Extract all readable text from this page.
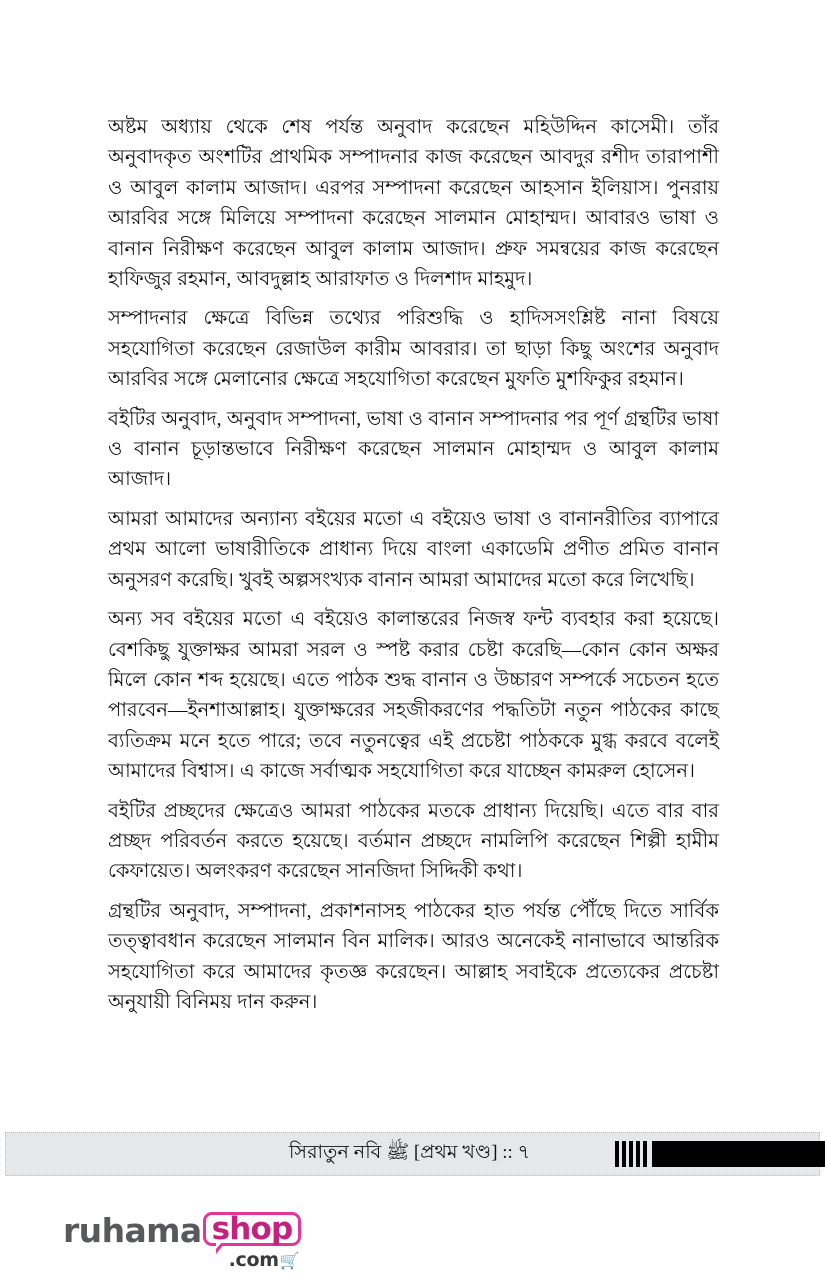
অষ্টম অধ্যায় থেকে শেষ পর্যন্ত অনুবাদ করেছেন মহিউদ্দিন কাসেমী। তাঁর অনুবাদকৃত অংশটির প্রাথমিক সম্পাদনার কাজ করেছেন আবদুর রশীদ তারাপাশী ও আবুল কালাম আজাদ। এরপর সম্পাদনা করেছেন আহসান ইলিয়াস। পুনরায় আরবির সঙ্গে মিলিয়ে সম্পাদনা করেছেন সালমান মোহাম্মদ। আবারও ভাষা ও বানান নিরীক্ষণ করেছেন আবুল কালাম আজাদ। প্রুফ সমন্বয়ের কাজ করেছেন হাফিজুর রহমান, আবদুল্লাহ আরাফাত ও দিলশাদ মাহমুদ।

সম্পাদনার ক্ষেত্রে বিভিন্ন তথ্যের পরিশুদ্ধি ও হাদিসসংশ্লিষ্ট নানা বিষয়ে সহযোগিতা করেছেন রেজাউল কারীম আবরার। তা ছাড়া কিছু অংশের অনুবাদ আরবির সঙ্গে মেলানোর ক্ষেত্রে সহযোগিতা করেছেন মুফতি মুশফিকুর রহমান।

বইটির অনুবাদ, অনুবাদ সম্পাদনা, ভাষা ও বানান সম্পাদনার পর পূর্ণ গ্রন্থটির ভাষা ও বানান চূড়ান্তভাবে নিরীক্ষণ করেছেন সালমান মোহাম্মদ ও আবুল কালাম আজাদ।

আমরা আমাদের অন্যান্য বইয়ের মতো এ বইয়েও ভাষা ও বানানরীতির ব্যাপারে প্রথম আলো ভাষারীতিকে প্রাধান্য দিয়ে বাংলা একাডেমি প্রণীত প্রমিত বানান অনুসরণ করেছি। খুবই অল্পসংখ্যক বানান আমরা আমাদের মতো করে লিখেছি।

অন্য সব বইয়ের মতো এ বইয়েও কালান্তরের নিজস্ব ফন্ট ব্যবহার করা হয়েছে। বেশকিছু যুক্তাক্ষর আমরা সরল ও স্পষ্ট করার চেষ্টা করেছি—কোন কোন অক্ষর মিলে কোন শব্দ হয়েছে। এতে পাঠক শুদ্ধ বানান ও উচ্চারণ সম্পর্কে সচেতন হতে পারবেন—ইনশাআল্লাহ। যুক্তাক্ষরের সহজীকরণের পদ্ধতিটা নতুন পাঠকের কাছে ব্যতিক্রম মনে হতে পারে; তবে নতুনত্বের এই প্রচেষ্টা পাঠককে মুগ্ধ করবে বলেই আমাদের বিশ্বাস। এ কাজে সর্বাত্মক সহযোগিতা করে যাচ্ছেন কামরুল হোসেন।

বইটির প্রচ্ছদের ক্ষেত্রেও আমরা পাঠকের মতকে প্রাধান্য দিয়েছি। এতে বার বার প্রচ্ছদ পরিবর্তন করতে হয়েছে। বর্তমান প্রচ্ছদে নামলিপি করেছেন শিল্পী হামীম কেফায়েত। অলংকরণ করেছেন সানজিদা সিদ্দিকী কথা।

গ্রন্থটির অনুবাদ, সম্পাদনা, প্রকাশনাসহ পাঠকের হাত পর্যন্ত পৌঁছে দিতে সার্বিক তত্ত্বাবধান করেছেন সালমান বিন মালিক। আরও অনেকেই নানাভাবে আন্তরিক সহযোগিতা করে আমাদের কৃতজ্ঞ করেছেন। আল্লাহ সবাইকে প্রত্যেকের প্রচেষ্টা অনুযায়ী বিনিময় দান করুন।

সিরাতুন নবি ﷺ [প্রথম খণ্ড] :: ৭
ruhama shop
.com 🛒
